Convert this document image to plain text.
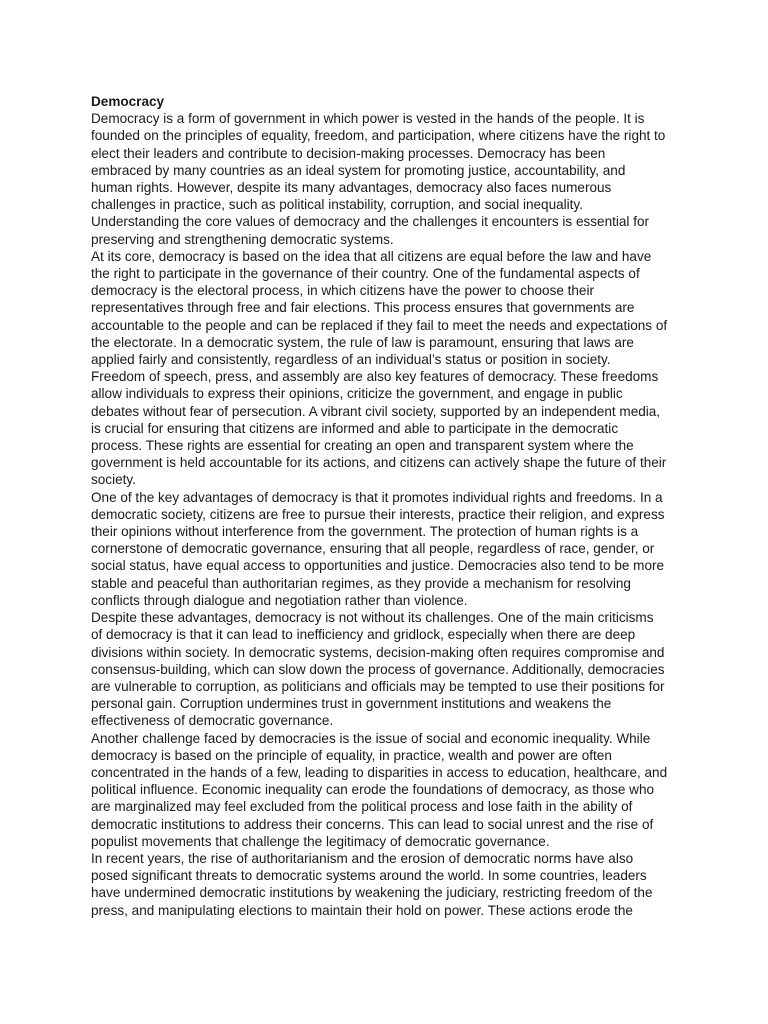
Democracy
Democracy is a form of government in which power is vested in the hands of the people. It is
founded on the principles of equality, freedom, and participation, where citizens have the right to
elect their leaders and contribute to decision-making processes. Democracy has been
embraced by many countries as an ideal system for promoting justice, accountability, and
human rights. However, despite its many advantages, democracy also faces numerous
challenges in practice, such as political instability, corruption, and social inequality.
Understanding the core values of democracy and the challenges it encounters is essential for
preserving and strengthening democratic systems.
At its core, democracy is based on the idea that all citizens are equal before the law and have
the right to participate in the governance of their country. One of the fundamental aspects of
democracy is the electoral process, in which citizens have the power to choose their
representatives through free and fair elections. This process ensures that governments are
accountable to the people and can be replaced if they fail to meet the needs and expectations of
the electorate. In a democratic system, the rule of law is paramount, ensuring that laws are
applied fairly and consistently, regardless of an individual’s status or position in society.
Freedom of speech, press, and assembly are also key features of democracy. These freedoms
allow individuals to express their opinions, criticize the government, and engage in public
debates without fear of persecution. A vibrant civil society, supported by an independent media,
is crucial for ensuring that citizens are informed and able to participate in the democratic
process. These rights are essential for creating an open and transparent system where the
government is held accountable for its actions, and citizens can actively shape the future of their
society.
One of the key advantages of democracy is that it promotes individual rights and freedoms. In a
democratic society, citizens are free to pursue their interests, practice their religion, and express
their opinions without interference from the government. The protection of human rights is a
cornerstone of democratic governance, ensuring that all people, regardless of race, gender, or
social status, have equal access to opportunities and justice. Democracies also tend to be more
stable and peaceful than authoritarian regimes, as they provide a mechanism for resolving
conflicts through dialogue and negotiation rather than violence.
Despite these advantages, democracy is not without its challenges. One of the main criticisms
of democracy is that it can lead to inefficiency and gridlock, especially when there are deep
divisions within society. In democratic systems, decision-making often requires compromise and
consensus-building, which can slow down the process of governance. Additionally, democracies
are vulnerable to corruption, as politicians and officials may be tempted to use their positions for
personal gain. Corruption undermines trust in government institutions and weakens the
effectiveness of democratic governance.
Another challenge faced by democracies is the issue of social and economic inequality. While
democracy is based on the principle of equality, in practice, wealth and power are often
concentrated in the hands of a few, leading to disparities in access to education, healthcare, and
political influence. Economic inequality can erode the foundations of democracy, as those who
are marginalized may feel excluded from the political process and lose faith in the ability of
democratic institutions to address their concerns. This can lead to social unrest and the rise of
populist movements that challenge the legitimacy of democratic governance.
In recent years, the rise of authoritarianism and the erosion of democratic norms have also
posed significant threats to democratic systems around the world. In some countries, leaders
have undermined democratic institutions by weakening the judiciary, restricting freedom of the
press, and manipulating elections to maintain their hold on power. These actions erode the
